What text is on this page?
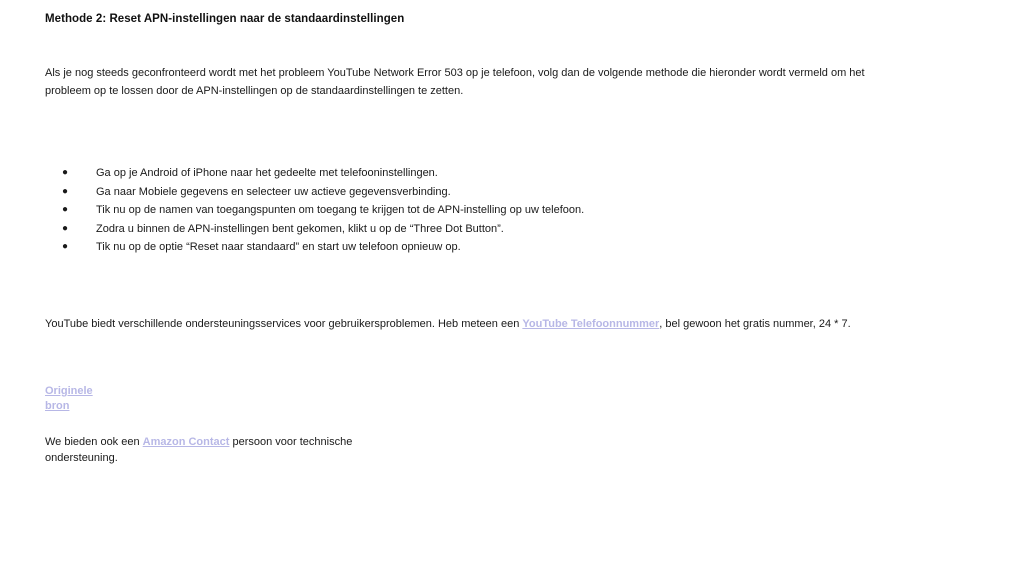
Methode 2: Reset APN-instellingen naar de standaardinstellingen

Als je nog steeds geconfronteerd wordt met het probleem YouTube Network Error 503 op je telefoon, volg dan de volgende methode die hieronder wordt vermeld om het probleem op te lossen door de APN-instellingen op de standaardinstellingen te zetten.

●	Ga op je Android of iPhone naar het gedeelte met telefooninstellingen.
●	Ga naar Mobiele gegevens en selecteer uw actieve gegevensverbinding.
●	Tik nu op de namen van toegangspunten om toegang te krijgen tot de APN-instelling op uw telefoon.
●	Zodra u binnen de APN-instellingen bent gekomen, klikt u op de “Three Dot Button”.
●	Tik nu op de optie “Reset naar standaard” en start uw telefoon opnieuw op.

YouTube biedt verschillende ondersteuningsservices voor gebruikersproblemen. Heb meteen een YouTube Telefoonnummer, bel gewoon het gratis nummer, 24 * 7.

Originele bron

We bieden ook een Amazon Contact persoon voor technische ondersteuning.
